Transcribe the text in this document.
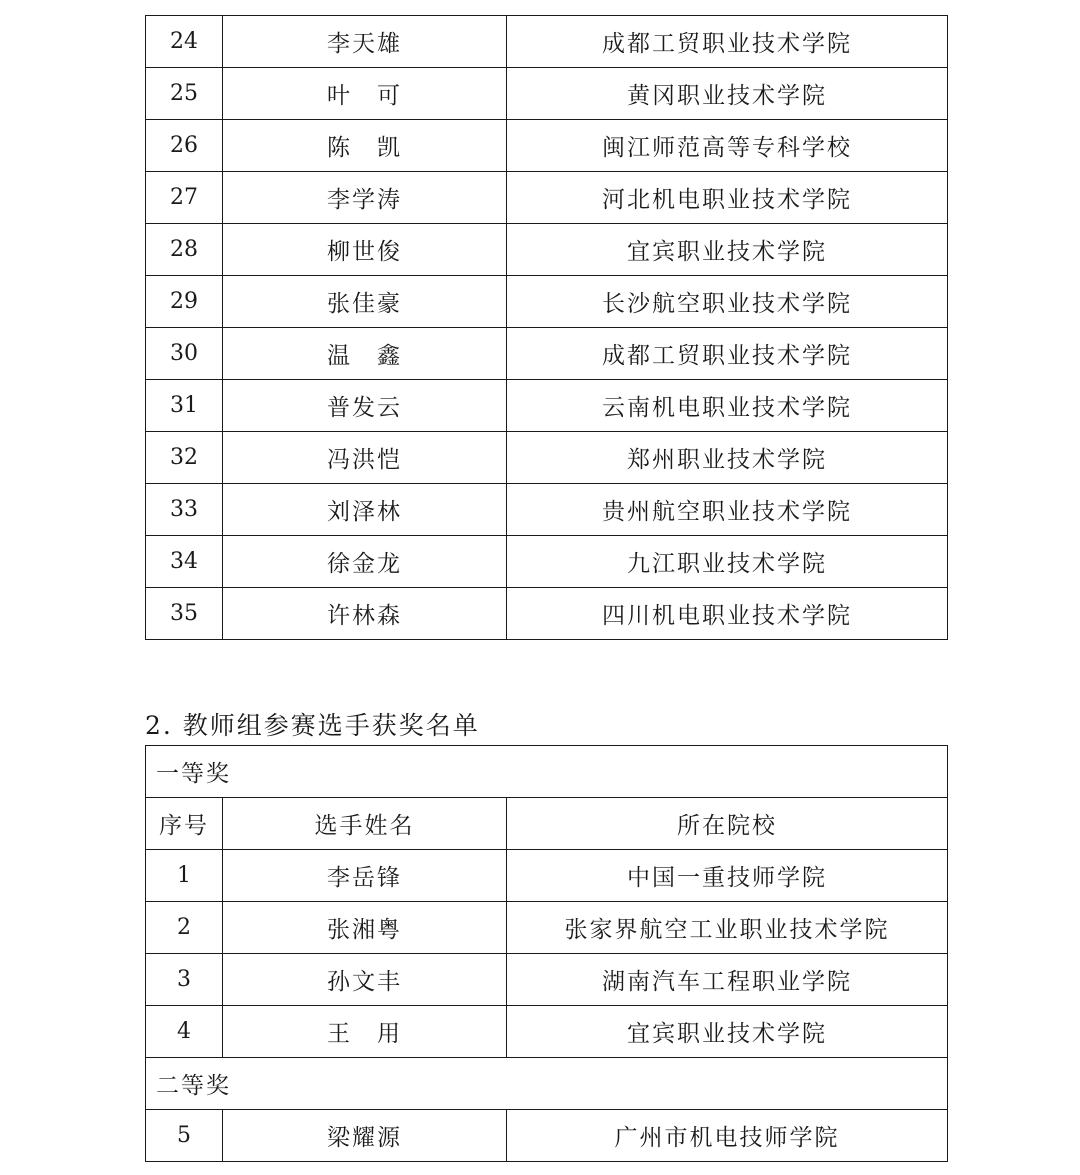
24	李天雄	成都工贸职业技术学院
25	叶　可	黄冈职业技术学院
26	陈　凯	闽江师范高等专科学校
27	李学涛	河北机电职业技术学院
28	柳世俊	宜宾职业技术学院
29	张佳豪	长沙航空职业技术学院
30	温　鑫	成都工贸职业技术学院
31	普发云	云南机电职业技术学院
32	冯洪恺	郑州职业技术学院
33	刘泽林	贵州航空职业技术学院
34	徐金龙	九江职业技术学院
35	许林森	四川机电职业技术学院
2. 教师组参赛选手获奖名单
一等奖		
序号	选手姓名	所在院校
1	李岳锋	中国一重技师学院
2	张湘粤	张家界航空工业职业技术学院
3	孙文丰	湖南汽车工程职业学院
4	王　用	宜宾职业技术学院
二等奖		
5	梁耀源	广州市机电技师学院
